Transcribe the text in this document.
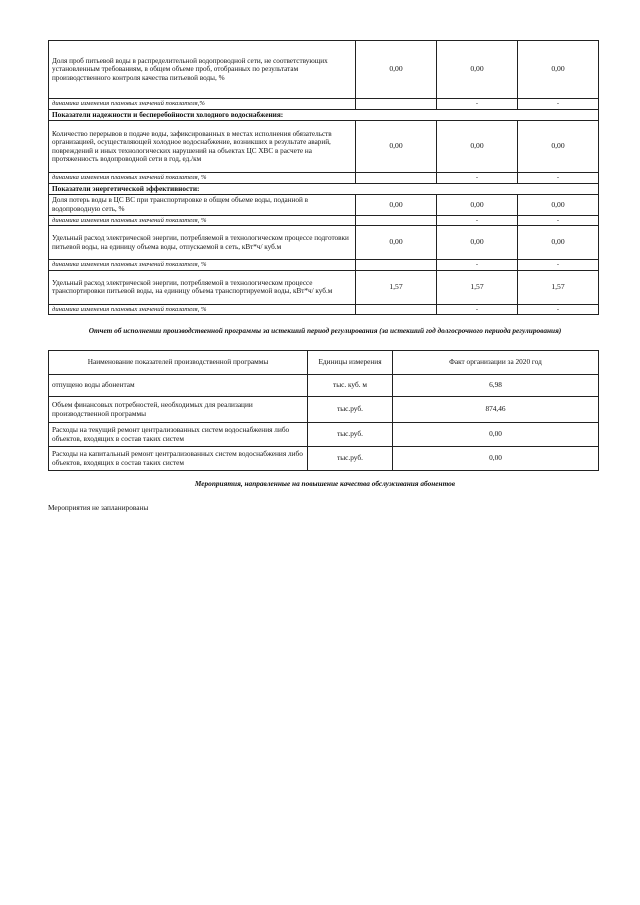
Доля проб питьевой воды в распределительной водопроводной сети, не соответствующих установленным требованиям, в общем объеме проб, отобранных по результатам производственного контроля качества питьевой воды, %	0,00	0,00	0,00
динамика изменения плановых значений показателя,%		-	-
Показатели надежности и бесперебойности холодного водоснабжения:			
Количество перерывов в подаче воды, зафиксированных в местах исполнения обязательств организацией, осуществляющей холодное водоснабжение, возникших в результате аварий, повреждений и иных технологических нарушений на объектах ЦС ХВС в расчете на протяженность водопроводной сети в год, ед./км	0,00	0,00	0,00
динамика изменения плановых значений показателя, %		-	-
Показатели энергетической эффективности:			
Доля потерь воды в ЦС ВС при транспортировке в общем объеме воды, поданной в водопроводную сеть, %	0,00	0,00	0,00
динамика изменения плановых значений показателя, %		-	-
Удельный расход электрической энергии, потребляемой в технологическом процессе подготовки питьевой воды, на единицу объема воды, отпускаемой в сеть, кВт*ч/ куб.м	0,00	0,00	0,00
динамика изменения плановых значений показателя, %		-	-
Удельный расход электрической энергии, потребляемой в технологическом процессе транспортировки питьевой воды, на единицу объема транспортируемой воды, кВт*ч/ куб.м	1,57	1,57	1,57
динамика изменения плановых значений показателя, %		-	-
Отчет об исполнении производственной программы за истекший период регулирования (за истекший год долгосрочного периода регулирования)
Наименование показателей производственной программы	Единицы измерения	Факт организации за 2020 год
отпущено воды абонентам	тыс. куб. м	6,98
Объем финансовых потребностей, необходимых для реализации производственной программы	тыс.руб.	874,46
Расходы на текущий ремонт централизованных систем водоснабжения либо объектов, входящих в состав таких систем	тыс.руб.	0,00
Расходы на капитальный ремонт централизованных систем водоснабжения либо объектов, входящих в состав таких систем	тыс.руб.	0,00
Мероприятия, направленные на повышение качества обслуживания абонентов
Мероприятия не запланированы
